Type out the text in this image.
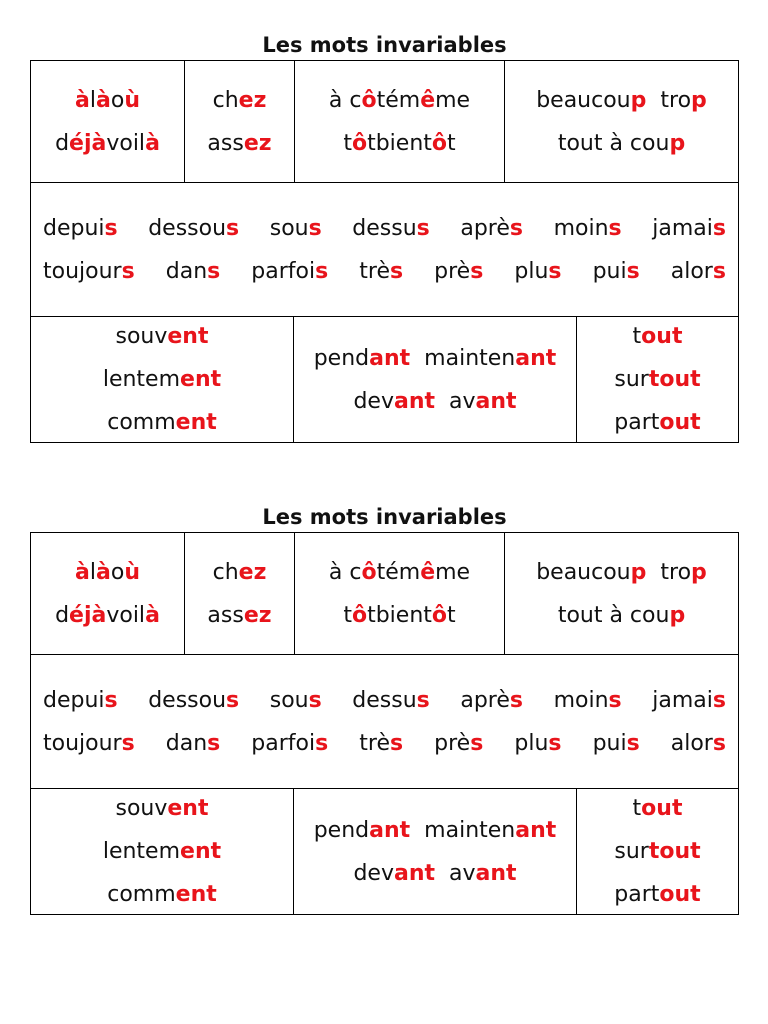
Les mots invariables

à là où
déjà voilà
chez
assez
à côté même
tôt bientôt
beaucoup trop
tout à coup
depuis dessous sous dessus après moins jamais
toujours dans parfois très près plus puis alors
souvent
lentement
comment
pendant maintenant
devant avant
tout
surtout
partout

Les mots invariables

à là où
déjà voilà
chez
assez
à côté même
tôt bientôt
beaucoup trop
tout à coup
depuis dessous sous dessus après moins jamais
toujours dans parfois très près plus puis alors
souvent
lentement
comment
pendant maintenant
devant avant
tout
surtout
partout
